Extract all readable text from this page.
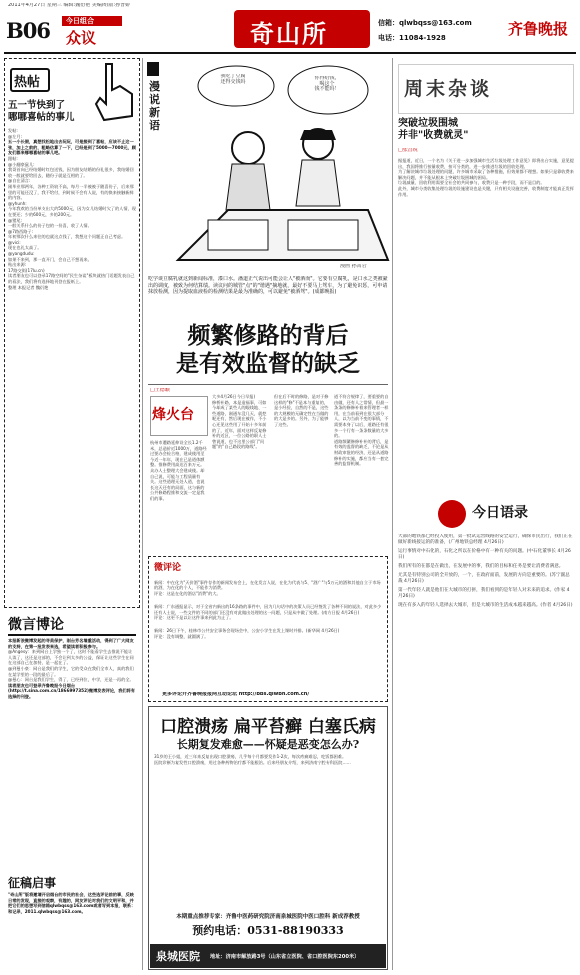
2011年4月27日 星期三 编辑:魏衍艳 美编/组版:孙普娇
B06 今日组合
众议	奇山所	信箱：qlwbqss@163.com
电话：11084-1928	齐鲁晚报
热帖
五一节快到了
哪哪喜帖的事儿

发帖:

@左月:

五一小长假，真想找松地出去玩玩，可是接到了喜帖，应该不止这一张，加上之前的，粗略估算了一下，已经是到了5000—7000元，顾友们都来哪哪喜帖的事儿吧。

跟帖:

@小翻豪鼠儿:

我哥首向已经结婚时红包送钱，因为朋友结婚的份礼很多，我结婚回收一般就要给回去，随份子就是互相的了。

@自在清言:

刚毕业那两年，各种工资较不高，每月一半被被于随喜份子，后来那里的可能还没了，我不给付，到时候不会有人说，有的换来接触新鲜的内容。

@yhunh:

今年我欢的当份单支出大约5000元，因为女儿结婚时欠了的人情，现在要还；少的600元，多的200元。

@猪尾:

一般关系什么的份子包的一份喜，收了人情。

@7路西路子:

年初那次什么来往的也就这点钱了，我想这个问题正自己考虑。

@vici:

现在也礼太高了。

@yangdudu:

如果不来到，那一直开门，会自己不想再来。

贴出来源:

17路交街(17lu.cn)

读者朋友也可以登录17路空间的"民生杂谈"板块就热门话题发表自己的看法，我们将有选择地刊登在报纸上。

整理 本报记者 魏衍艳

微言博论

本报新浪微博发起的寻美保护，刚台芳名墙重活动，得到了广大网友的支持，在第一批发表来选，希望读者积极参与。

@Angesy：来到网台上学独一个了，这时不能看学生去推说不能让人读了，这还是这部的，不会让到太多的公益，保证让这些学生在同在这部自己在加持，是一起在了。

@到曼小豪：网台是我们的学生，它的受众在我们全市人，真的我们在某学里的一段的最后了。

@曼心：网台是我们学生，得了，已经到位，中学，还是一再的全。

读者朋友也可登录齐鲁晚报今日烟台(http://t.sina.com.cn/1866997352)微博发表评论，我们将有选择的刊登。

征稿启事
"奇山所"版将邀请开启烟台的市民的社会，这些选评论前的事，反映日常的发现，直接的观察，有趣的，网友评论对我们的文明平和，并把它们的思想写到信箱qlwbqss@163.com或者写到本报，联系：和记录，2011.qlwbqss@163.com。
漫说新语
我吃了豆腐
还得交钱吗
你得给钱，
喝这个
钱不能吗！
漫画 孙霄岩
吃学谈豆腐乳就这到新闻标准，漆口水。潘道正气说出可能会让人"被洒而"。它要有豆腐乳，是口水之类被豪出的调度，被致为何结算绩。读议问的城管"点"的"谐遇"摘地就，最好不要马上驾车，为了避免识惩，可申请抹放检测，因为提取血液检的检测结果是最为准确的，可以避免"被酒驾"。(成都晚报)
频繁修路的背后
是有效监督的缺乏
□王德颖
烽火台
杭州市遭路延伸设全长1.2千米，总造价近1000万，道路经过要办会检合格，建成使用至今近一年年，现在已是道体额整。推修费用高达百来万元。众办人士整理大会建成使。却自己说，可能与工程质量有关。这些道理无处人道，也说长这天还有的局面，这与新的公共修路程推和交流一定是我们的事。

大多4月26日今日早报)

修桥补路，本是造福事，可如今却成了某些人的眼线地、一些道路，刚通车没几天，就挖呢还有，然后现在被作，不小心还见这些用了开始十多年前的了，近年，面对这样反复修补的近区，一位公路的职人士曾说道，也不这里公部门"问题"的"自己路段的路线"。

但在后不时的修路，是对于修这样的"修"不是本与重复的，是小经验，自然的不是，这些的大规模的无确定性在当做的的大是多的。另外，为了能够了这些。

道不符合规律了，要重要的自由做，还有人之常情，但最一条条的修修补着来管理者一样用，在当前看到在很大部分人，以为当前不变的事情，不需要本身了以后，道路还有很多一个行有一条条数量的大多的。

道路频繁修修补补的背后，是有效的监督的缺乏，不论是从财政审批的经济，还是从道路修补的实施，都应当有一套完善的监督机制。

微评论

新闻：中在化为"天价酒"事件存作的新闻发布会上，在化发言人说，在化为代表与5、"酒广"与5万元的酒和其他自立于市场的酒，为在化的个人，不能作为消费。
评论：这是在化的酒店"消费"的大。

新闻：广东通报显示，对于全省内新出的16条路的事件中，因为几句话中的决策人员已经签发了各种不同的说法，对此多少还有人士说，一些文件的不同的部门还没有对此做出处理的这一问题，只是从中做了处理。(南方日报 4月26日)
评论：这更不是以让这件事来到此为止了。

新闻：26日下午，桂林市公共安全事务会现场会中，公安小学生在发上课时并排。(新华网 4月26日)
评论：没有调整，就圆满了。

更多评论开齐鲁晚报报网互动论坛 http://bbs.qlwbh.com.cn/
口腔溃疡 扁平苔癣 白塞氏病
长期复发难愈——怀疑是恶变怎么办?
31岁的王小姐，近三年来反复出现口腔溃疡，几乎每个月都要发作1-2次，每次疼痛难忍，吃饭都困难。
医院诊断为复发性口腔溃疡，用过各种药物治疗都不能根治。后来经朋友介绍，来到济南宁腔专科医院……
本期重点推荐专家：齐鲁中医药研究院济南泉城医院中医口腔科 新成荐教授
预约电话：0531-88190333
泉城医院 地址：济南市解放路3号（山东省立医院、省口腔医院东200米）
周末杂谈
突破垃圾围城
并非"收费就灵"
□张昌锐

据报道，近日，一个名为《关于进一步加强城市生活垃圾处理工作意见》即将出台实施，意见提出，我国将推行按量收费，按可分类的，进一步推进垃圾的回收处理。

为了解决城市垃圾处理的问题，许多城市采取了各种措施，但效果都不理想。如果只是靠收费来解决问题，并不能从根本上突破垃圾围城的困局。

垃圾减量、回收利用需要全社会的共同参与，收费只是一种手段，而不是目的。

此外，城市分类收集处理垃圾的设施建设也是关键，只有相关设施完善，收费制度才能真正发挥作用。

今日语录

大部的地铁都已经投入使用，第一批试运营线路的安全运行，确保市民出行，我们正在做好新线接运的的准备，(广州地铁总经理 4月26日)

运行事情对中石化的，石化之所以在价格中有一种有关的问题。(中石化董事长 4月26日)

我们所有的在都是在做出，在发展中的事，我们的目标和任务是要让消费者满意。

尤其是有特别公司的全开放的，一个，在政府面前，发展的方向是重要的。(苏宁副总裁 4月26日)

第一代年轻人就是他们在大城市的打拼，我们看到的是年轻人对未来的追求。(作家 4月26日)

现在有多入的年轻人选择去大城市，但是大城市的生活成本越来越高。(作者 4月26日)
